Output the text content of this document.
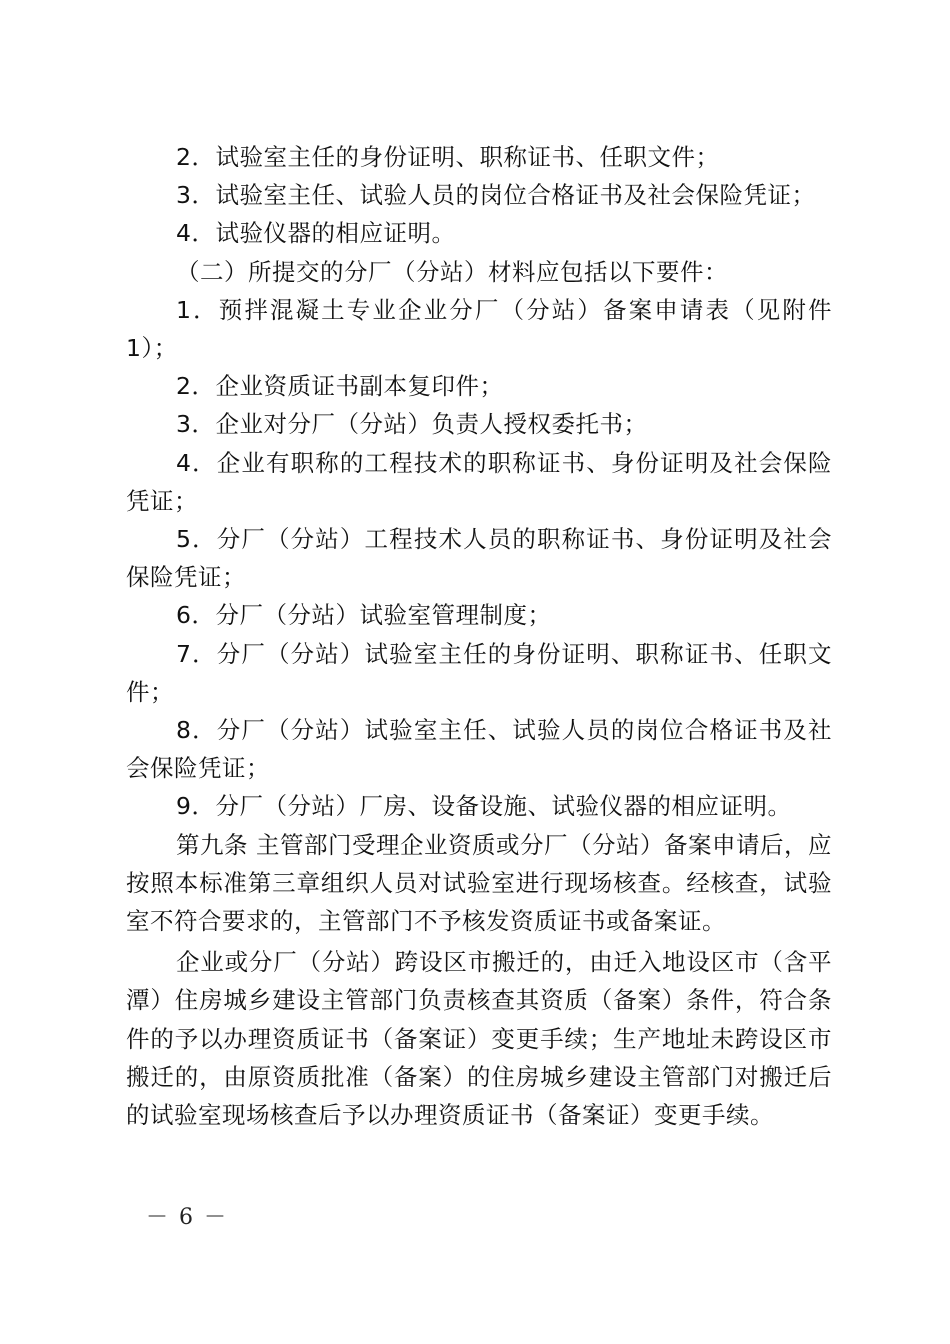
2．试验室主任的身份证明、职称证书、任职文件；

3．试验室主任、试验人员的岗位合格证书及社会保险凭证；

4．试验仪器的相应证明。

（二）所提交的分厂（分站）材料应包括以下要件：

1．预拌混凝土专业企业分厂（分站）备案申请表（见附件1）；

2．企业资质证书副本复印件；

3．企业对分厂（分站）负责人授权委托书；

4．企业有职称的工程技术的职称证书、身份证明及社会保险凭证；

5．分厂（分站）工程技术人员的职称证书、身份证明及社会保险凭证；

6．分厂（分站）试验室管理制度；

7．分厂（分站）试验室主任的身份证明、职称证书、任职文件；

8．分厂（分站）试验室主任、试验人员的岗位合格证书及社会保险凭证；

9．分厂（分站）厂房、设备设施、试验仪器的相应证明。

第九条 主管部门受理企业资质或分厂（分站）备案申请后，应按照本标准第三章组织人员对试验室进行现场核查。经核查，试验室不符合要求的，主管部门不予核发资质证书或备案证。

企业或分厂（分站）跨设区市搬迁的，由迁入地设区市（含平潭）住房城乡建设主管部门负责核查其资质（备案）条件，符合条件的予以办理资质证书（备案证）变更手续；生产地址未跨设区市搬迁的，由原资质批准（备案）的住房城乡建设主管部门对搬迁后的试验室现场核查后予以办理资质证书（备案证）变更手续。

－ 6 －
